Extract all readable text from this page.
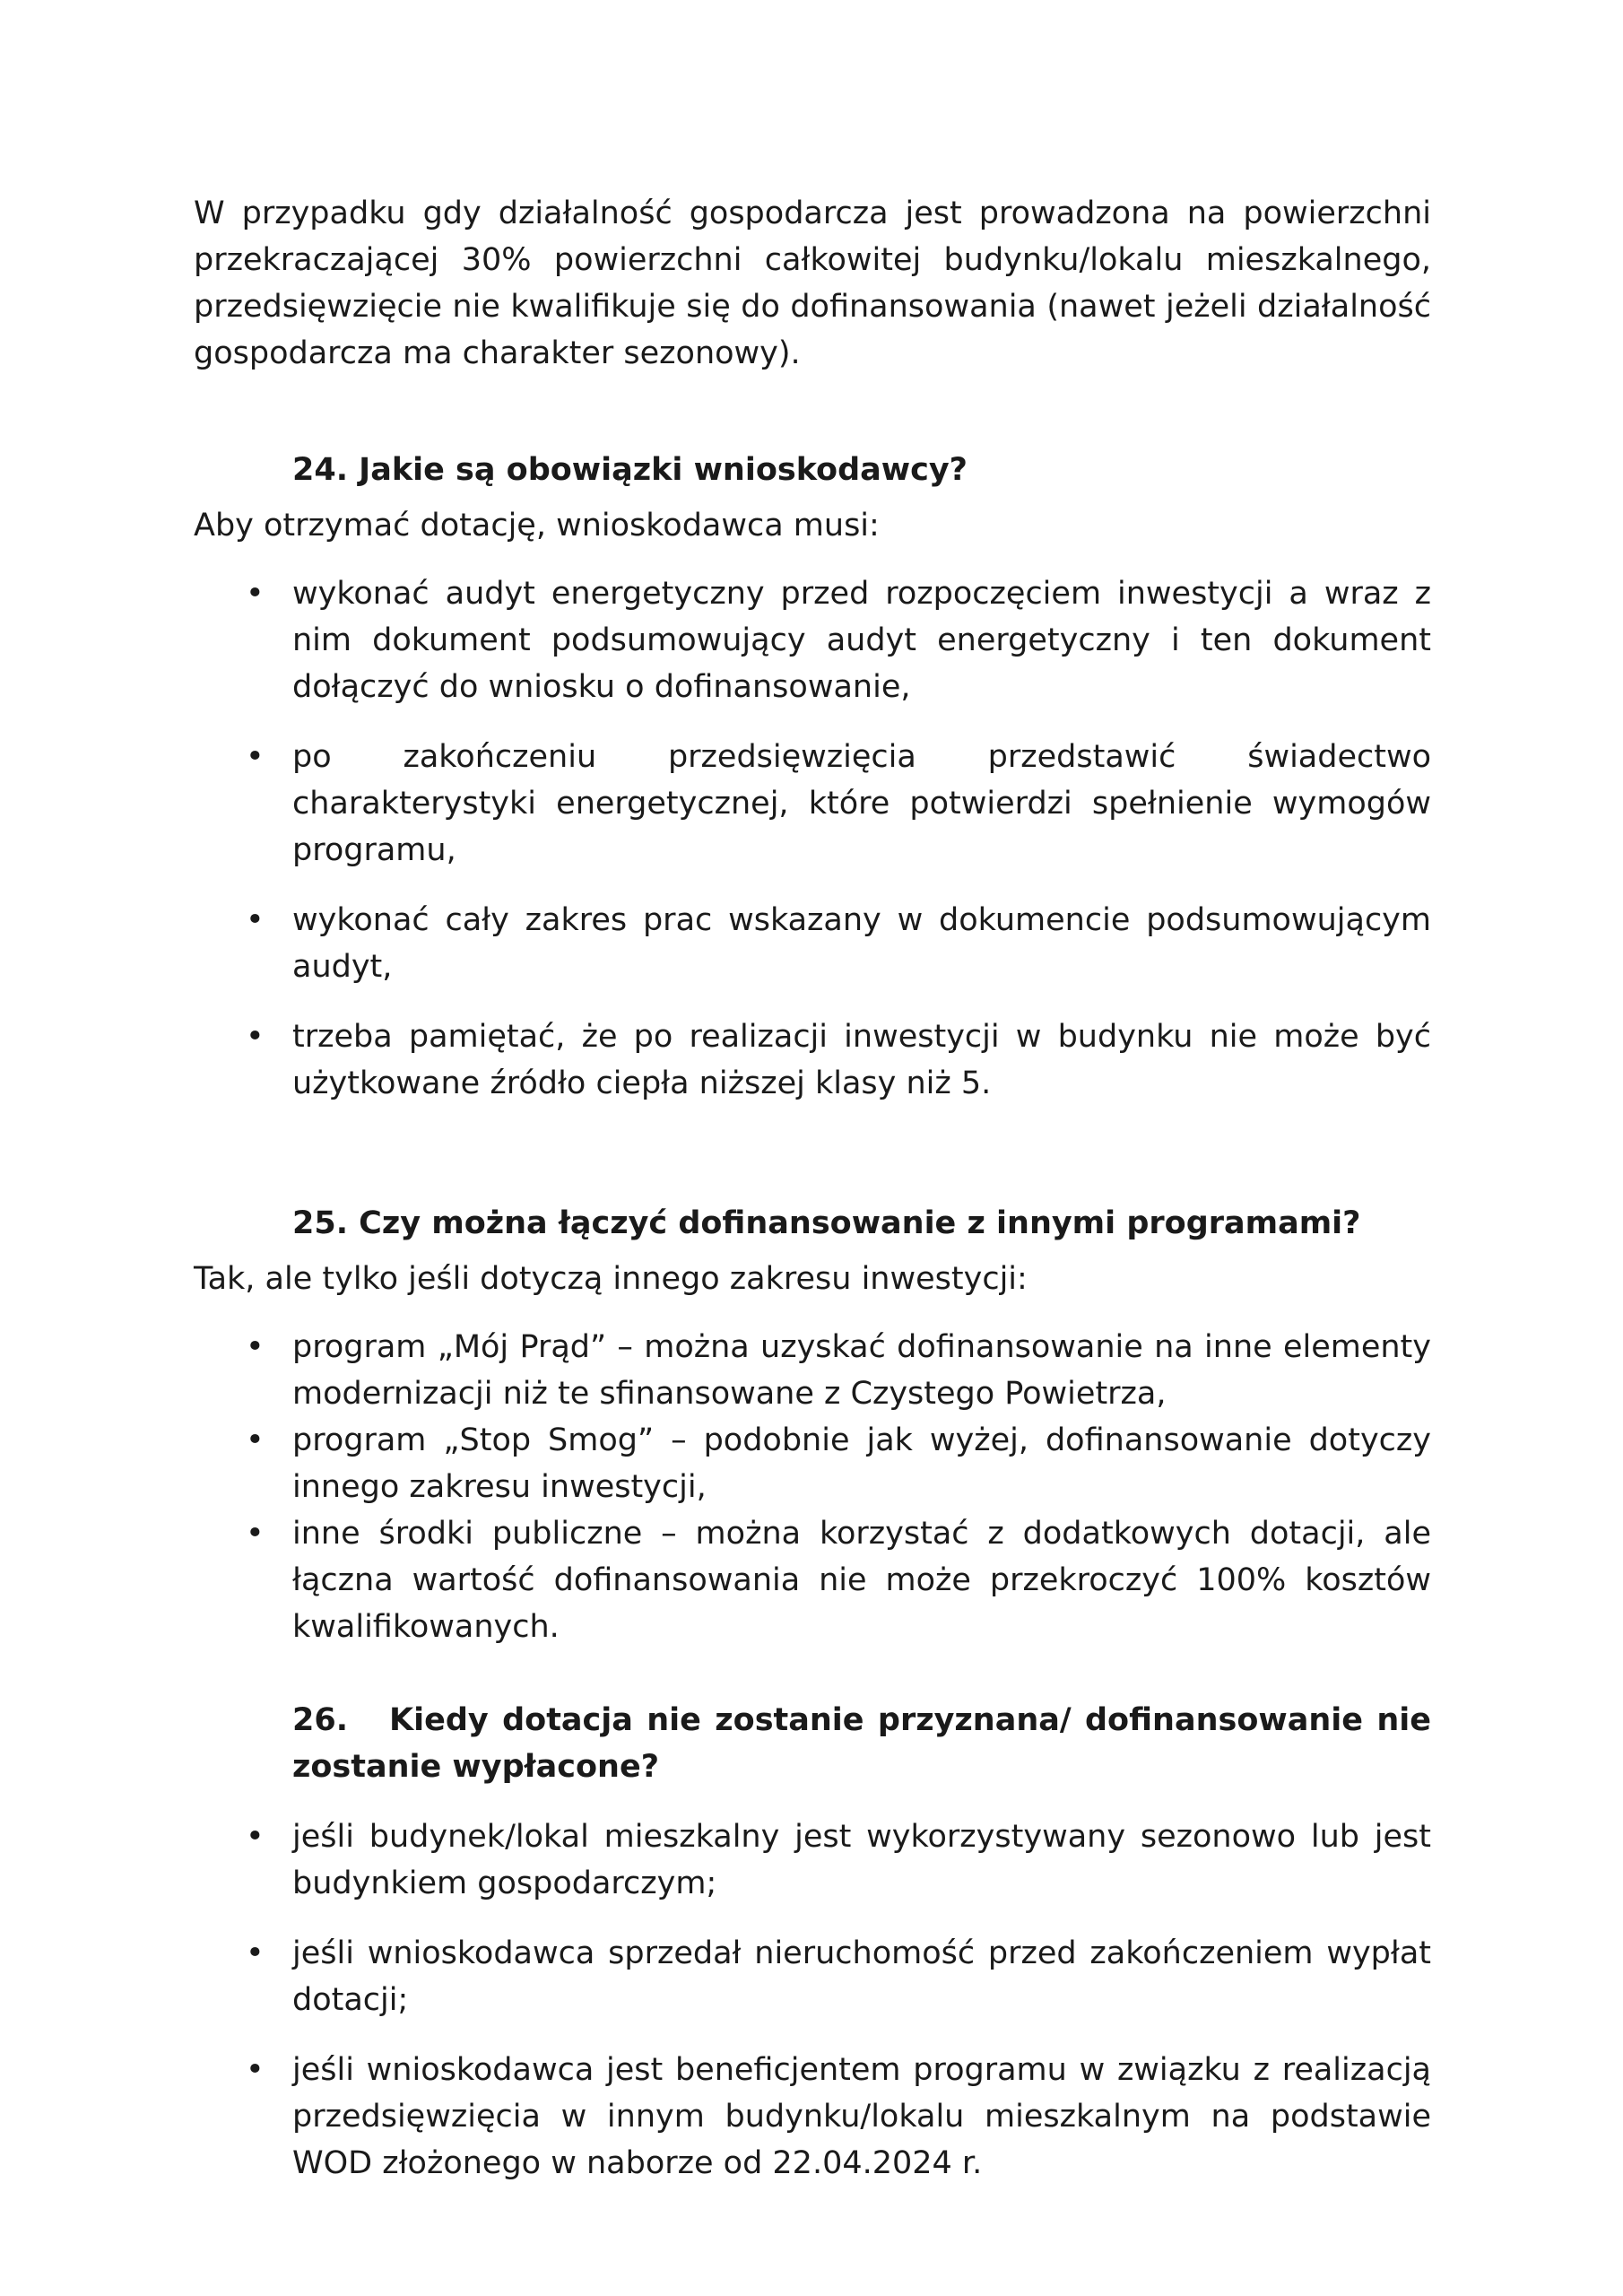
W przypadku gdy działalność gospodarcza jest prowadzona na powierzchni przekraczającej 30% powierzchni całkowitej budynku/lokalu mieszkalnego, przedsięwzięcie nie kwalifikuje się do dofinansowania (nawet jeżeli działalność gospodarcza ma charakter sezonowy).

24. Jakie są obowiązki wnioskodawcy?

Aby otrzymać dotację, wnioskodawca musi:

• wykonać audyt energetyczny przed rozpoczęciem inwestycji a wraz z nim dokument podsumowujący audyt energetyczny i ten dokument dołączyć do wniosku o dofinansowanie,
• po zakończeniu przedsięwzięcia przedstawić świadectwo charakterystyki energetycznej, które potwierdzi spełnienie wymogów programu,
• wykonać cały zakres prac wskazany w dokumencie podsumowującym audyt,
• trzeba pamiętać, że po realizacji inwestycji w budynku nie może być użytkowane źródło ciepła niższej klasy niż 5.

25. Czy można łączyć dofinansowanie z innymi programami?

Tak, ale tylko jeśli dotyczą innego zakresu inwestycji:

• program „Mój Prąd” – można uzyskać dofinansowanie na inne elementy modernizacji niż te sfinansowane z Czystego Powietrza,
• program „Stop Smog” – podobnie jak wyżej, dofinansowanie dotyczy innego zakresu inwestycji,
• inne środki publiczne – można korzystać z dodatkowych dotacji, ale łączna wartość dofinansowania nie może przekroczyć 100% kosztów kwalifikowanych.

26. Kiedy dotacja nie zostanie przyznana/ dofinansowanie nie zostanie wypłacone?

• jeśli budynek/lokal mieszkalny jest wykorzystywany sezonowo lub jest budynkiem gospodarczym;
• jeśli wnioskodawca sprzedał nieruchomość przed zakończeniem wypłat dotacji;
• jeśli wnioskodawca jest beneficjentem programu w związku z realizacją przedsięwzięcia w innym budynku/lokalu mieszkalnym na podstawie WOD złożonego w naborze od 22.04.2024 r.
